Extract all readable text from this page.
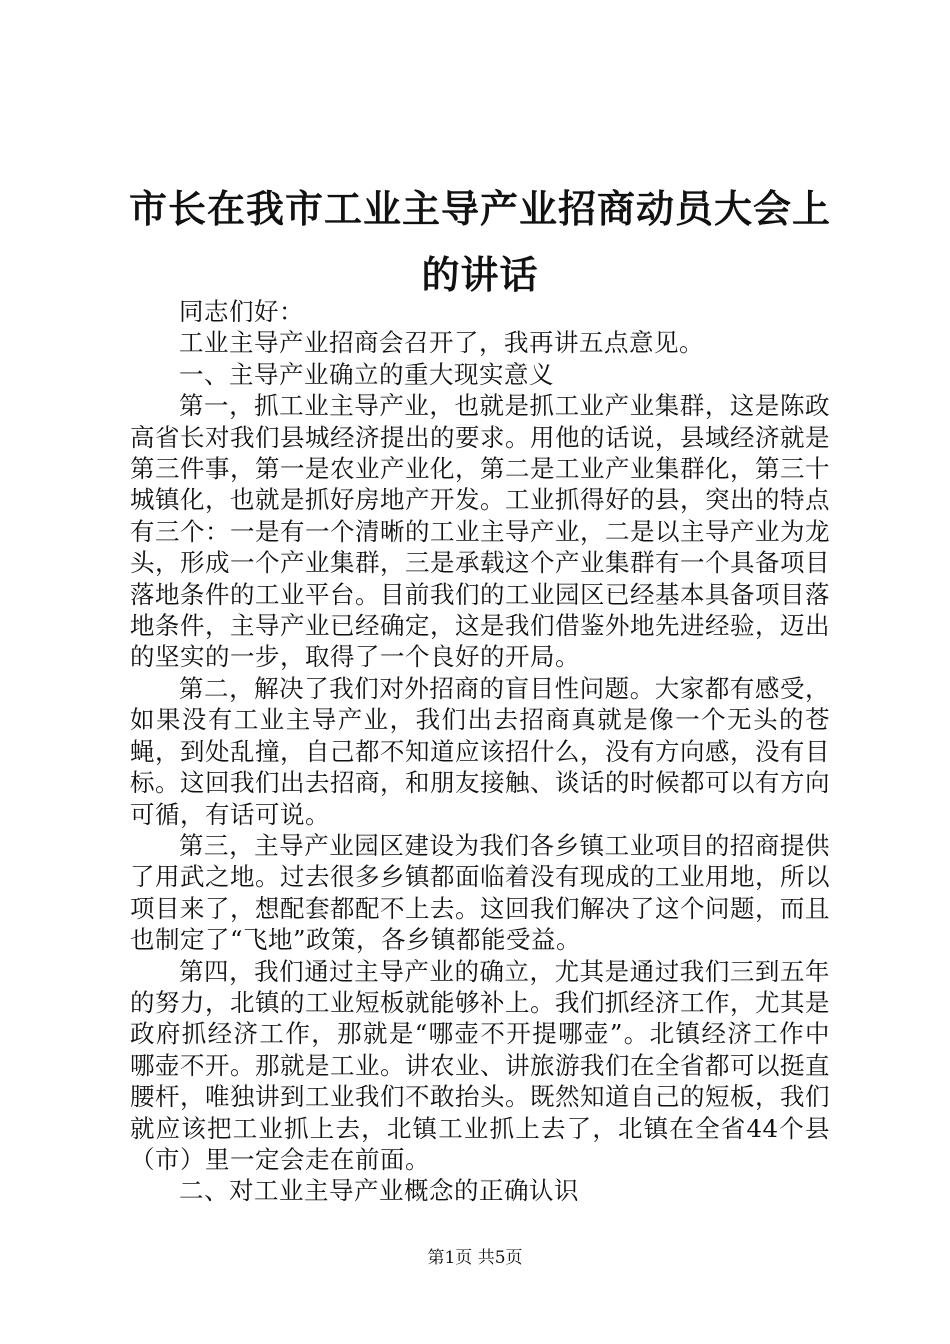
市长在我市工业主导产业招商动员大会上的讲话

同志们好：

工业主导产业招商会召开了，我再讲五点意见。

一、主导产业确立的重大现实意义

第一，抓工业主导产业，也就是抓工业产业集群，这是陈政高省长对我们县城经济提出的要求。用他的话说，县域经济就是第三件事，第一是农业产业化，第二是工业产业集群化，第三十城镇化，也就是抓好房地产开发。工业抓得好的县，突出的特点有三个：一是有一个清晰的工业主导产业，二是以主导产业为龙头，形成一个产业集群，三是承载这个产业集群有一个具备项目落地条件的工业平台。目前我们的工业园区已经基本具备项目落地条件，主导产业已经确定，这是我们借鉴外地先进经验，迈出的坚实的一步，取得了一个良好的开局。

第二，解决了我们对外招商的盲目性问题。大家都有感受，如果没有工业主导产业，我们出去招商真就是像一个无头的苍蝇，到处乱撞，自己都不知道应该招什么，没有方向感，没有目标。这回我们出去招商，和朋友接触、谈话的时候都可以有方向可循，有话可说。

第三，主导产业园区建设为我们各乡镇工业项目的招商提供了用武之地。过去很多乡镇都面临着没有现成的工业用地，所以项目来了，想配套都配不上去。这回我们解决了这个问题，而且也制定了“飞地”政策，各乡镇都能受益。

第四，我们通过主导产业的确立，尤其是通过我们三到五年的努力，北镇的工业短板就能够补上。我们抓经济工作，尤其是政府抓经济工作，那就是“哪壶不开提哪壶”。北镇经济工作中哪壶不开。那就是工业。讲农业、讲旅游我们在全省都可以挺直腰杆，唯独讲到工业我们不敢抬头。既然知道自己的短板，我们就应该把工业抓上去，北镇工业抓上去了，北镇在全省44个县（市）里一定会走在前面。

二、对工业主导产业概念的正确认识

第1页 共5页
